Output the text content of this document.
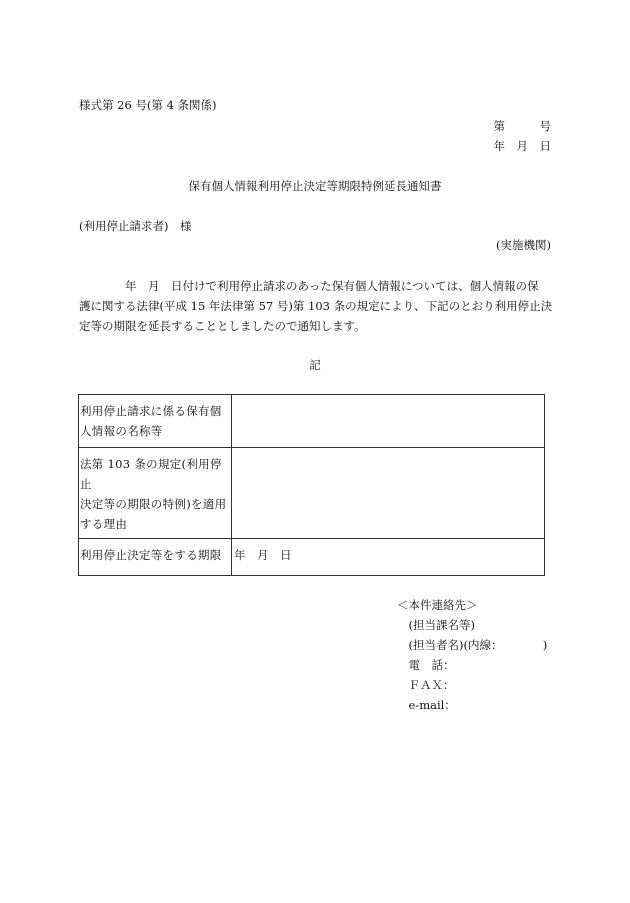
様式第 26 号(第 4 条関係)
第　　　号
年　月　日
保有個人情報利用停止決定等期限特例延長通知書
(利用停止請求者)　様
(実施機関)
　　　　年　月　日付けで利用停止請求のあった保有個人情報については、個人情報の保
護に関する法律(平成 15 年法律第 57 号)第 103 条の規定により、下記のとおり利用停止決
定等の期限を延長することとしましたので通知します。
記
利用停止請求に係る保有個
人情報の名称等	

法第 103 条の規定(利用停止
決定等の期限の特例)を適用
する理由	

利用停止決定等をする期限	年　月　日
＜本件連絡先＞
　(担当課名等)
　(担当者名)(内線：　　　　)
　電　話：
　ＦＡＸ：
　e-mail：
